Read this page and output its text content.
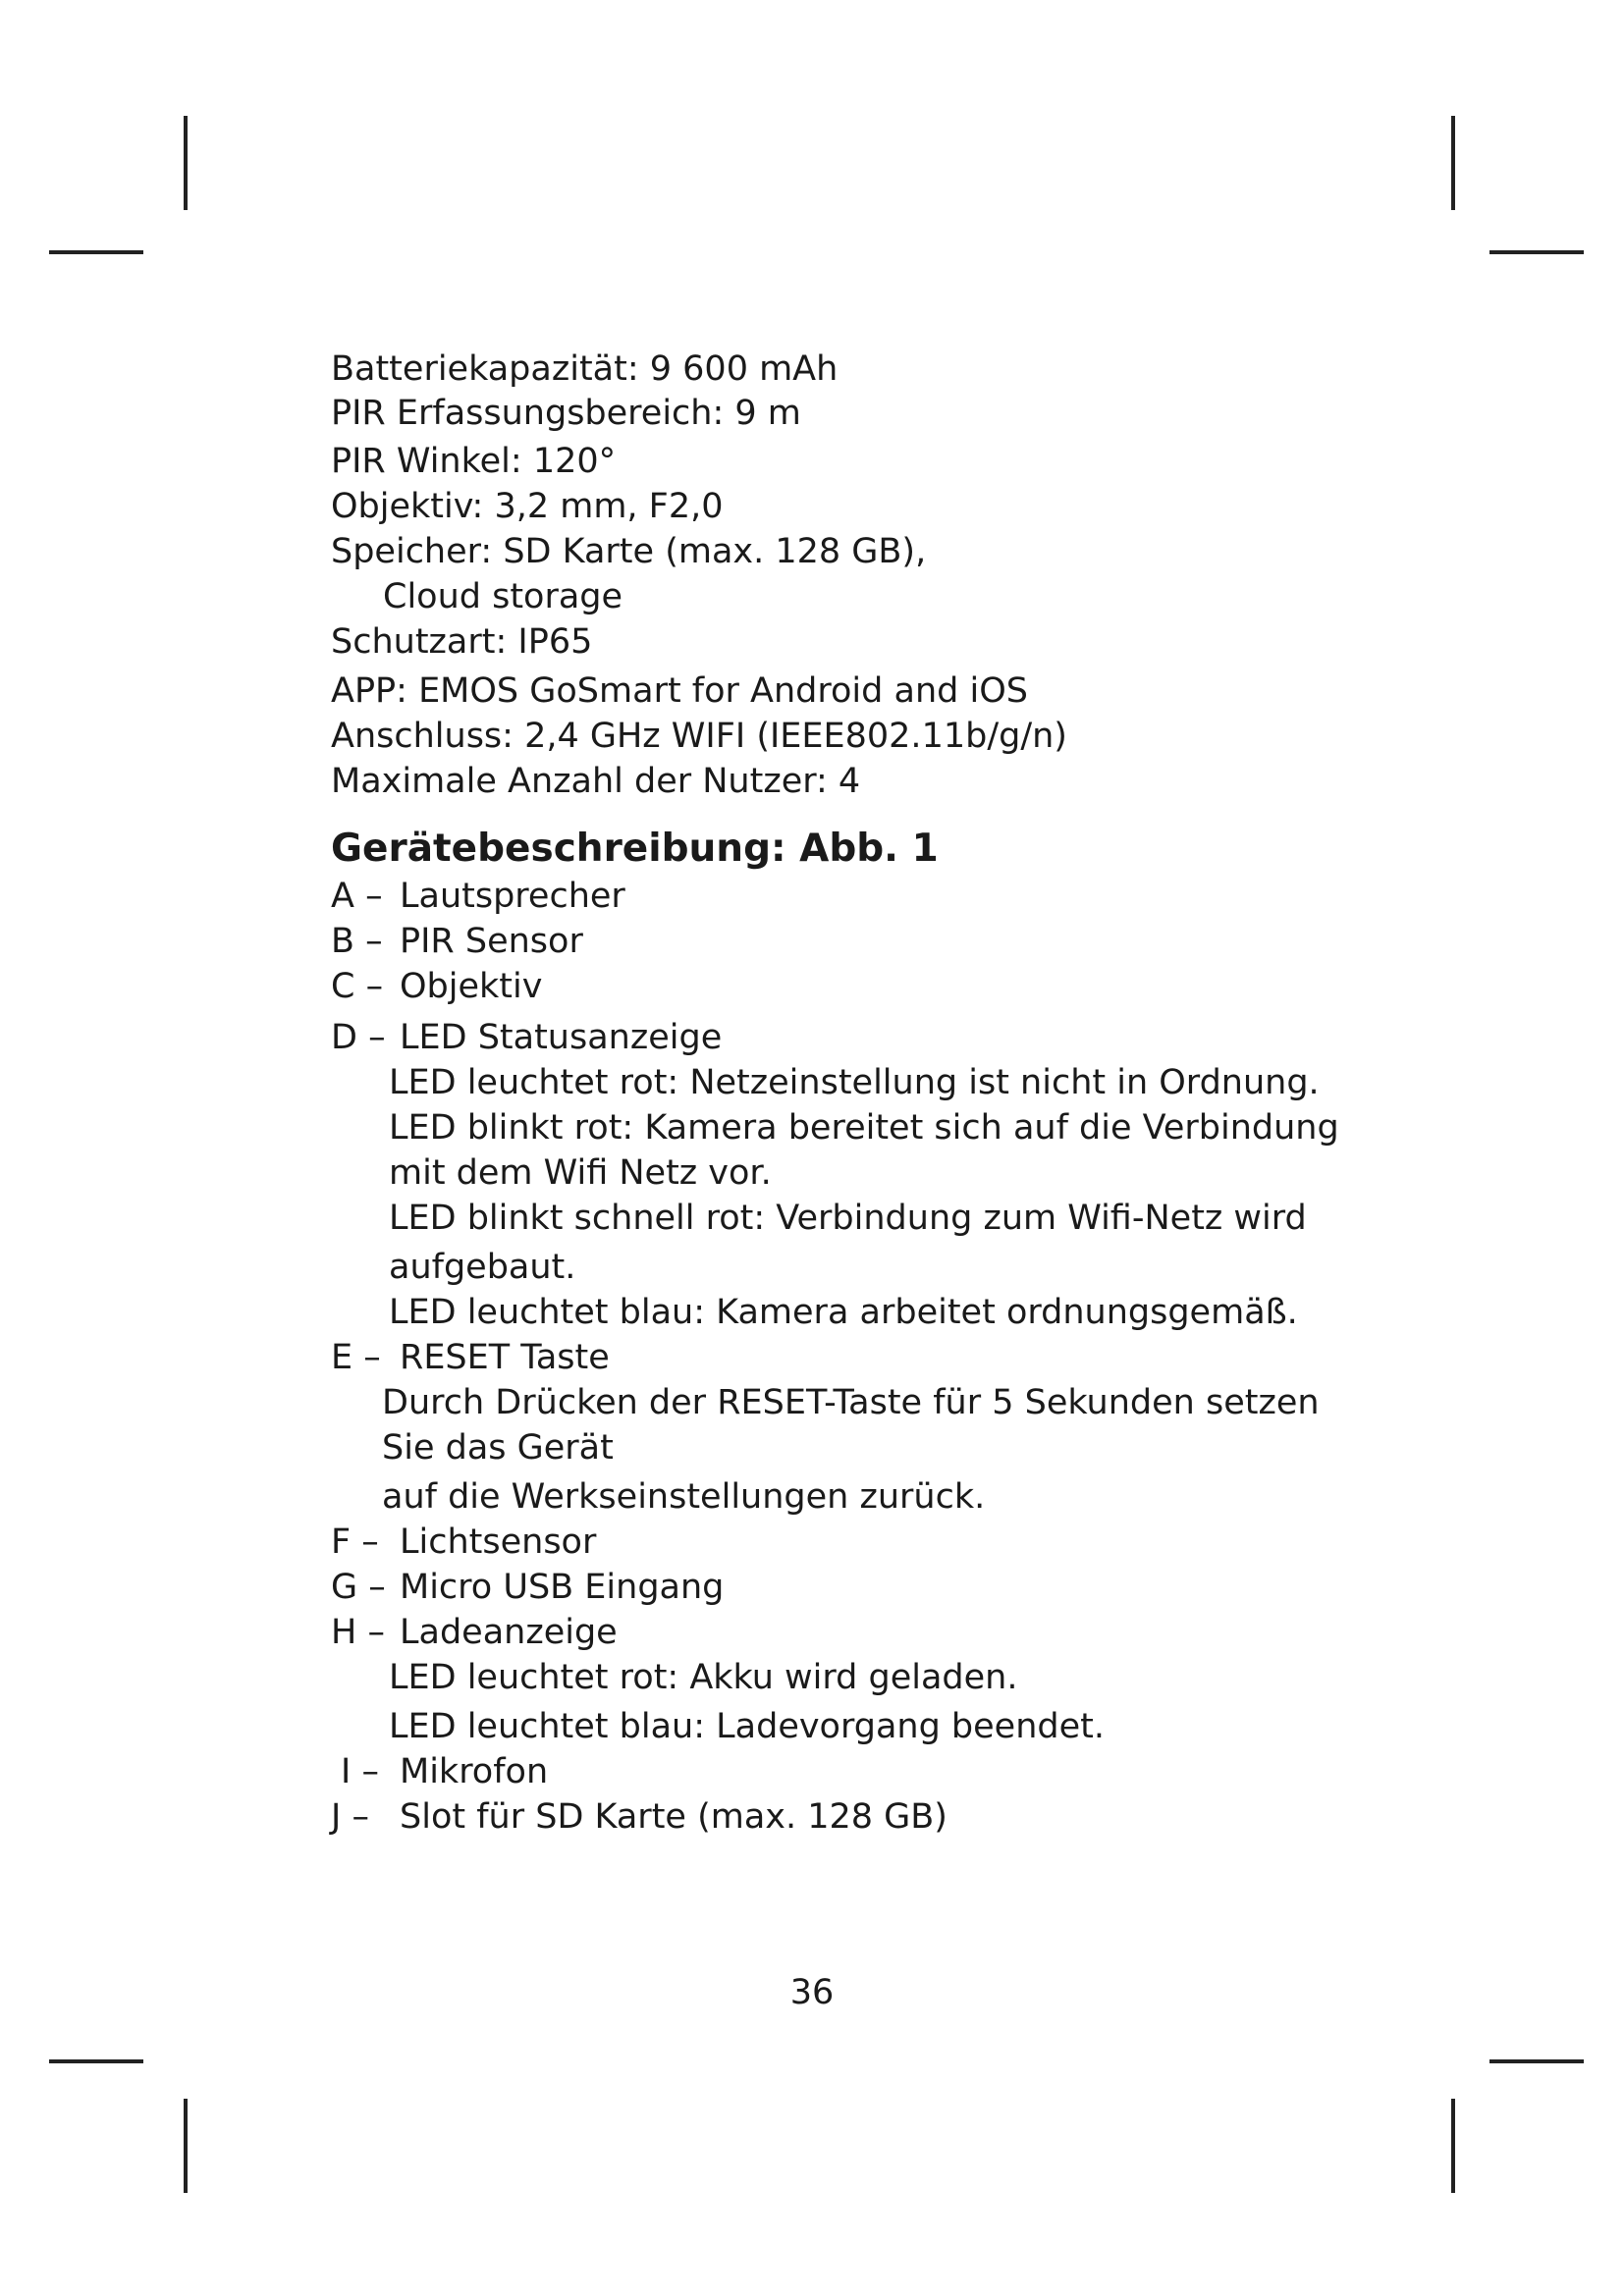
Batteriekapazität: 9 600 mAh
PIR Erfassungsbereich: 9 m
PIR Winkel: 120°
Objektiv: 3,2 mm, F2,0
Speicher: SD Karte (max. 128 GB),
Cloud storage
Schutzart: IP65
APP: EMOS GoSmart for Android and iOS
Anschluss: 2,4 GHz WIFI (IEEE802.11b/g/n)
Maximale Anzahl der Nutzer: 4
Gerätebeschreibung: Abb. 1
A – Lautsprecher
B – PIR Sensor
C – Objektiv
D – LED Statusanzeige
LED leuchtet rot: Netzeinstellung ist nicht in Ordnung.
LED blinkt rot: Kamera bereitet sich auf die Verbindung
mit dem Wifi Netz vor.
LED blinkt schnell rot: Verbindung zum Wifi-Netz wird
aufgebaut.
LED leuchtet blau: Kamera arbeitet ordnungsgemäß.
E – RESET Taste
Durch Drücken der RESET-Taste für 5 Sekunden setzen
Sie das Gerät
auf die Werkseinstellungen zurück.
F – Lichtsensor
G – Micro USB Eingang
H – Ladeanzeige
LED leuchtet rot: Akku wird geladen.
LED leuchtet blau: Ladevorgang beendet.
I – Mikrofon
J – Slot für SD Karte (max. 128 GB)
36
